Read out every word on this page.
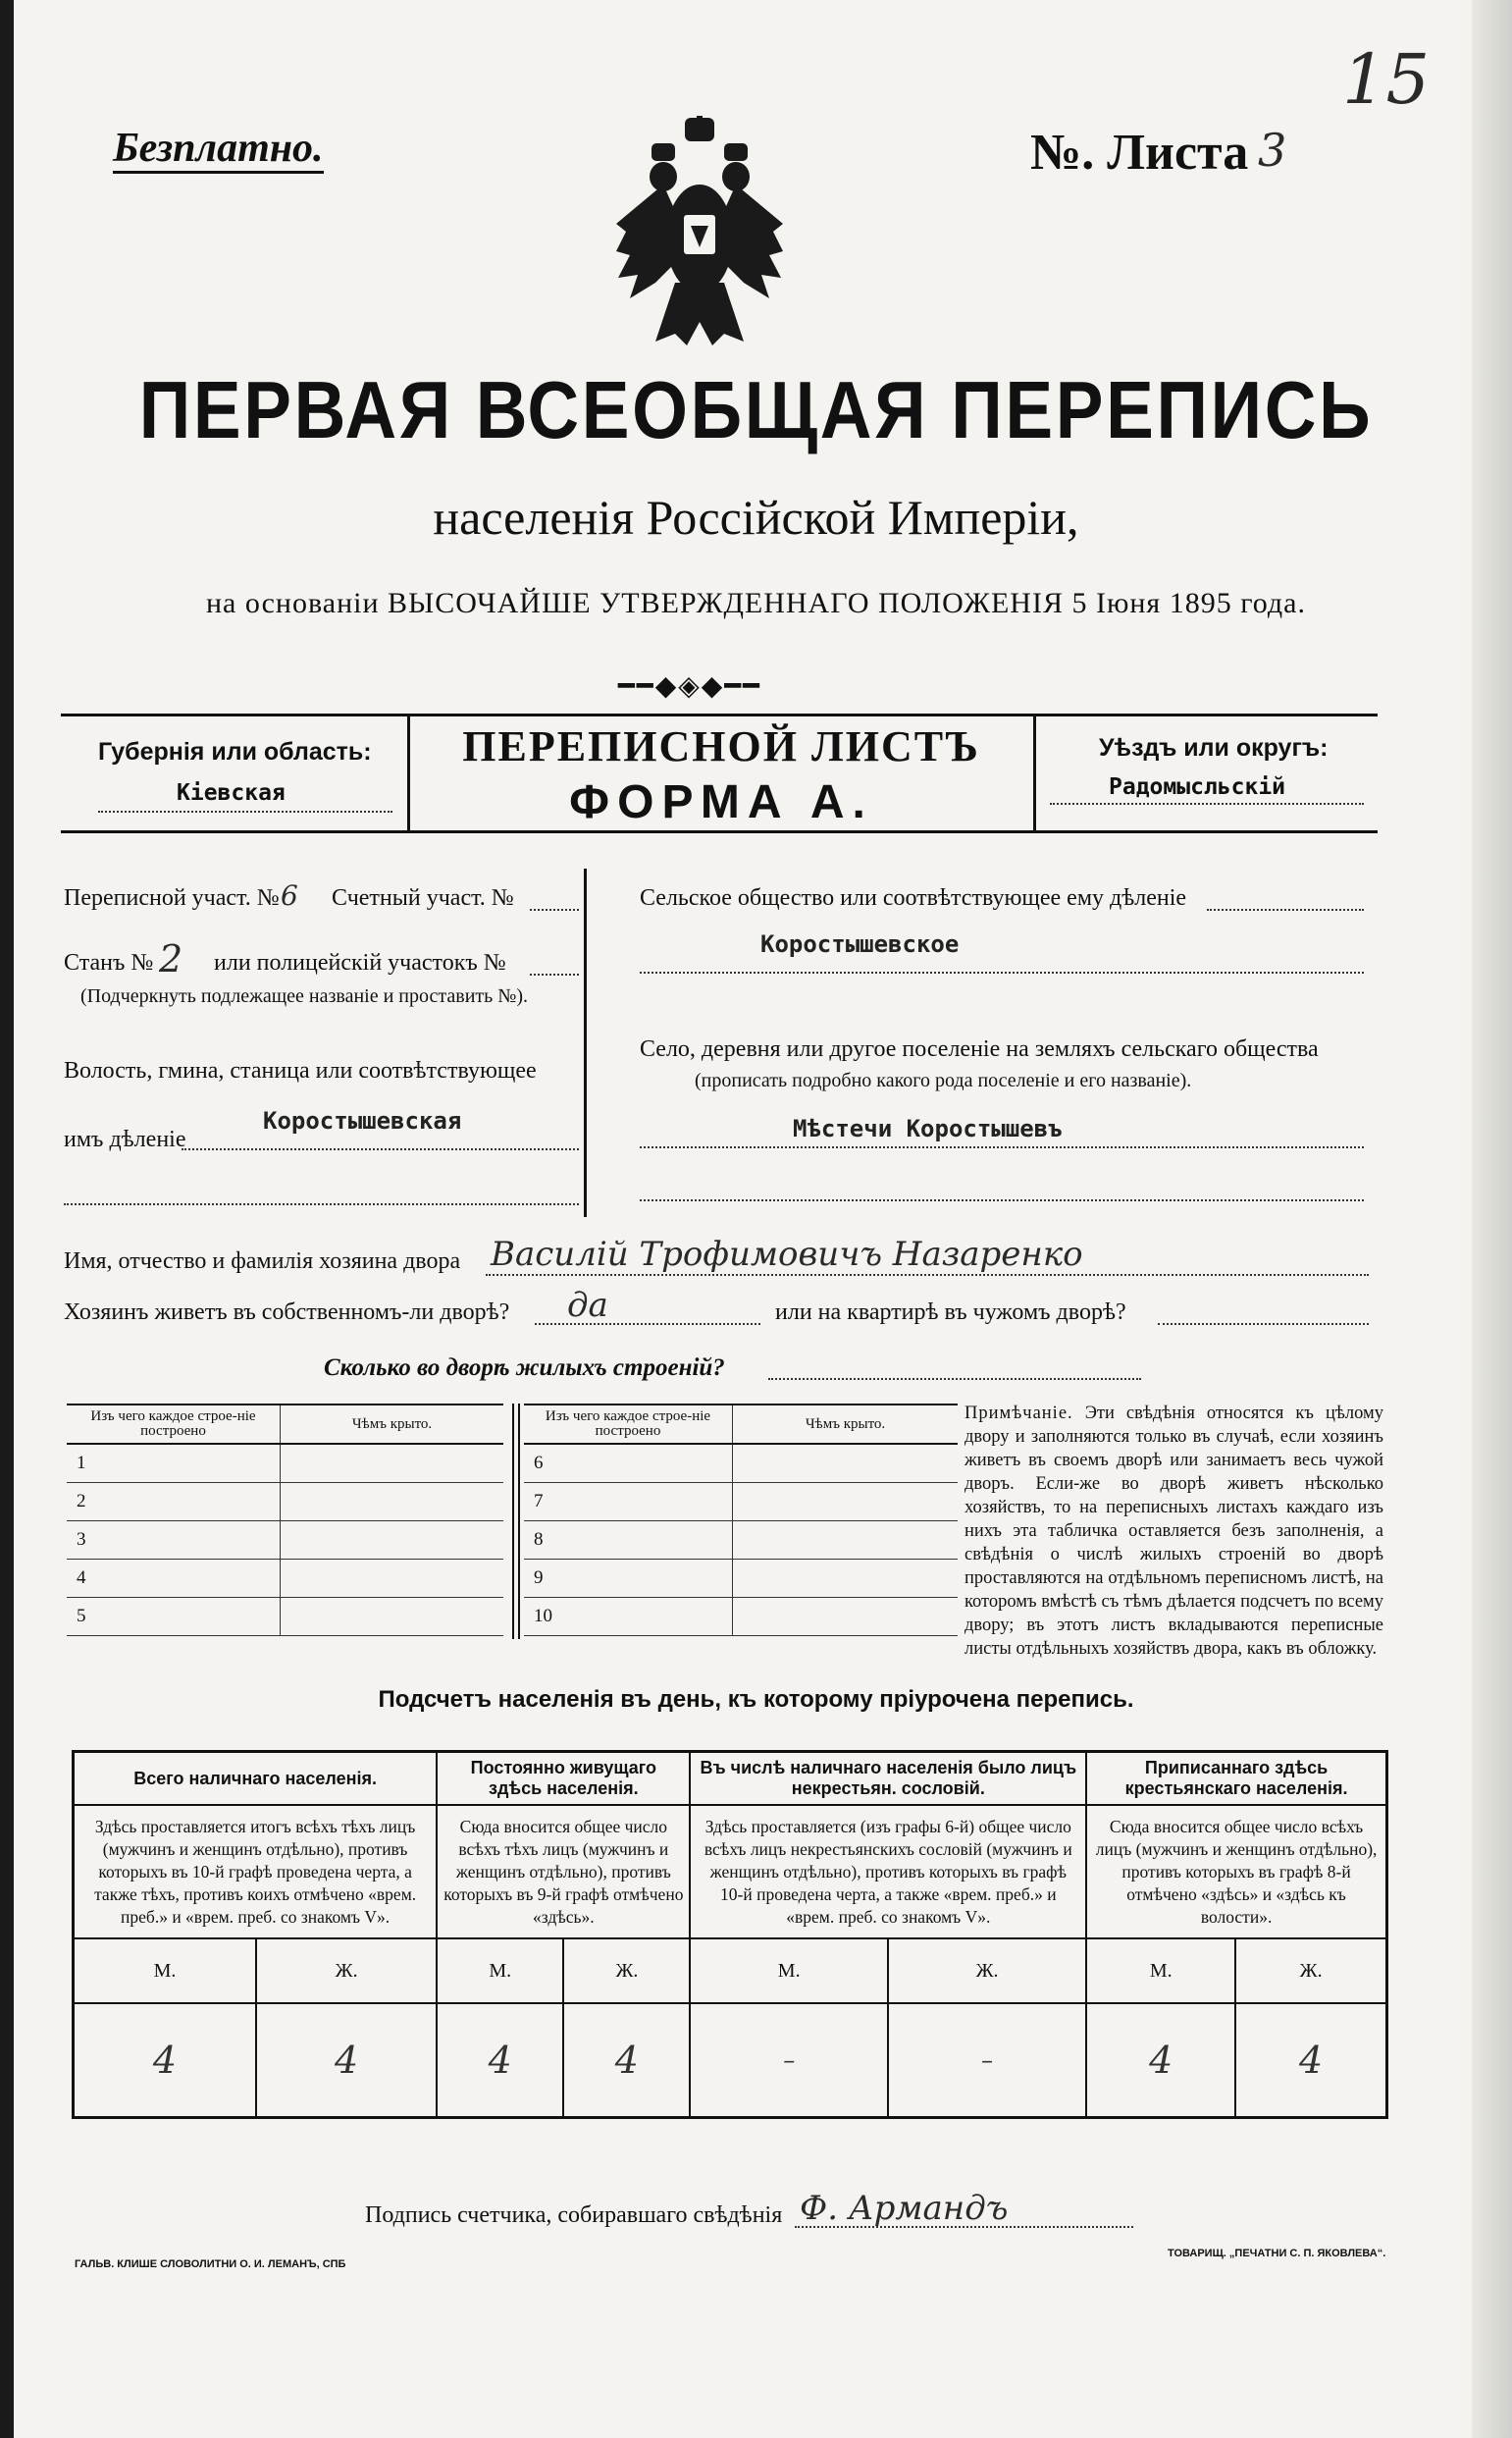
Безплатно.	№. Листа 3
15
ПЕРВАЯ ВСЕОБЩАЯ ПЕРЕПИСЬ
населенія Россійской Имперіи,
на основаніи ВЫСОЧАЙШЕ УТВЕРЖДЕННАГО ПОЛОЖЕНІЯ 5 Іюня 1895 года.
━━◆◈◆━━
Губернія или область:
Кіевская
ПЕРЕПИСНОЙ ЛИСТЪ
ФОРМА А.
Уѣздъ или округъ:
Радомысльскій
Переписной участ. № 6 Счетный участ. №
Станъ № 2 или полицейскій участокъ №
(Подчеркнуть подлежащее названіе и проставить №).
Волость, гмина, станица или соотвѣтствующее
имъ дѣленіе
Коростышевская
Сельское общество или соотвѣтствующее ему дѣленіе
Коростышевское
Село, деревня или другое поселеніе на земляхъ сельскаго общества
(прописать подробно какого рода поселеніе и его названіе).
Мѣстечи Коростышевъ
Имя, отчество и фамилія хозяина двора Василій Трофимовичъ Назаренко
Хозяинъ живетъ въ собственномъ-ли дворѣ? да	или на квартирѣ въ чужомъ дворѣ?
Сколько во дворѣ жилыхъ строеній?
Изъ чего каждое строе-ніе построено	Чѣмъ крыто.
1	
2	
3	
4	
5	
Изъ чего каждое строе-ніе построено	Чѣмъ крыто.
6	
7	
8	
9	
10	
Примѣчаніе. Эти свѣдѣнія относятся къ цѣлому двору и заполняются только въ случаѣ, если хозяинъ живетъ въ своемъ дворѣ или занимаетъ весь чужой дворъ. Если-же во дворѣ живетъ нѣсколько хозяйствъ, то на переписныхъ листахъ каждаго изъ нихъ эта табличка оставляется безъ заполненія, а свѣдѣнія о числѣ жилыхъ строеній во дворѣ проставляются на отдѣльномъ переписномъ листѣ, на которомъ вмѣстѣ съ тѣмъ дѣлается подсчетъ по всему двору; въ этотъ листъ вкладываются переписные листы отдѣльныхъ хозяйствъ двора, какъ въ обложку.
Подсчетъ населенія въ день, къ которому пріурочена перепись.
Всего наличнаго населенія.		Постоянно живущаго здѣсь населенія.		Въ числѣ наличнаго населенія было лицъ некрестьян. сословій.		Приписаннаго здѣсь крестьянскаго населенія.	
Здѣсь проставляется итогъ всѣхъ тѣхъ лицъ (мужчинъ и женщинъ отдѣльно), противъ которыхъ въ 10-й графѣ проведена черта, а также тѣхъ, противъ коихъ отмѣчено «врем. преб.» и «врем. преб. со знакомъ V».		Сюда вносится общее число всѣхъ тѣхъ лицъ (мужчинъ и женщинъ отдѣльно), противъ которыхъ въ 9-й графѣ отмѣчено «здѣсь».		Здѣсь проставляется (изъ графы 6-й) общее число всѣхъ лицъ некрестьянскихъ сословій (мужчинъ и женщинъ отдѣльно), противъ которыхъ въ графѣ 10-й проведена черта, а также «врем. преб.» и «врем. преб. со знакомъ V».		Сюда вносится общее число всѣхъ лицъ (мужчинъ и женщинъ отдѣльно), противъ которыхъ въ графѣ 8-й отмѣчено «здѣсь» и «здѣсь къ волости».	
М.	Ж.	М.	Ж.	М.	Ж.	М.	Ж.
4	4	4	4	–	–	4	4
Подпись счетчика, собиравшаго свѣдѣнія Ф. Армандъ
ГАЛЬВ. КЛИШЕ СЛОВОЛИТНИ О. И. ЛЕМАНЪ, СПБ
ТОВАРИЩ. „ПЕЧАТНИ С. П. ЯКОВЛЕВА“.
